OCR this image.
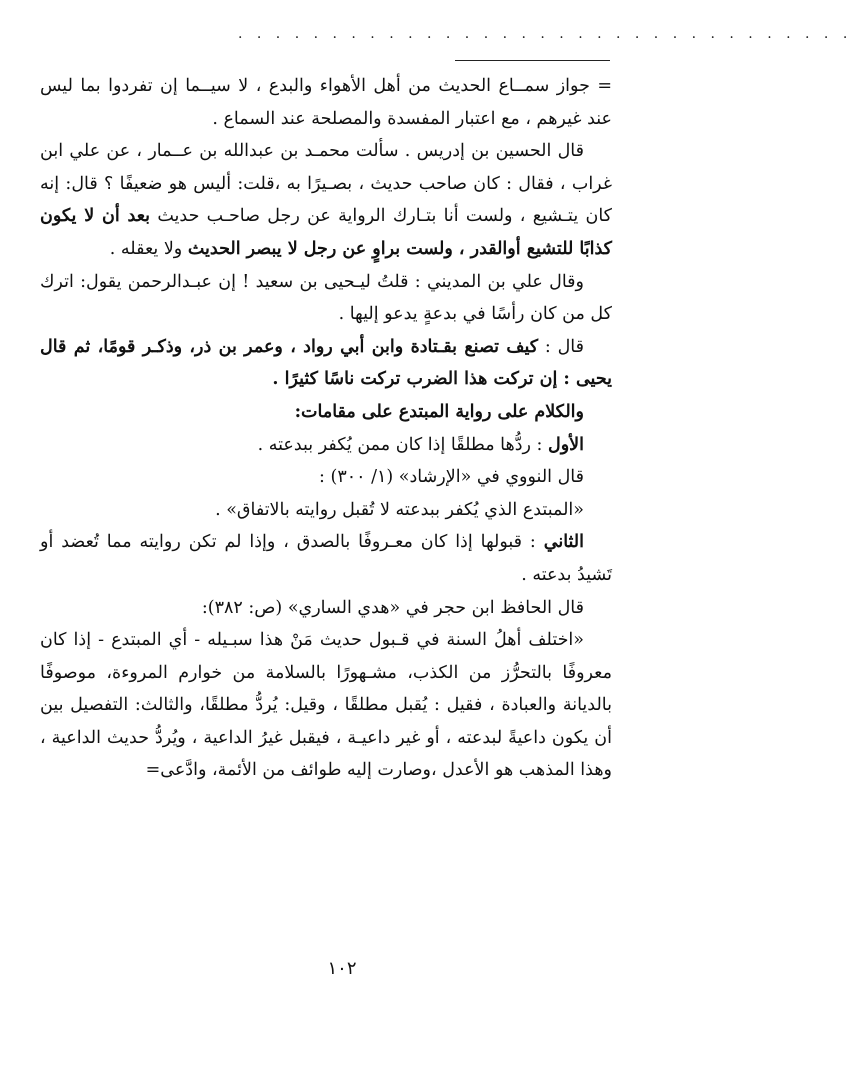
. . . . . . . . . . . . . . . . . . . . . . . . . . . . . . . . .

= جواز سمــاع الحديث من أهل الأهواء والبدع ، لا سيــما إن تفردوا بما ليس عند غيرهم ، مع اعتبار المفسدة والمصلحة عند السماع .

قال الحسين بن إدريس . سألت محمـد بن عبدالله بن عــمار ، عن علي ابن غراب ، فقال : كان صاحب حديث ، بصـيرًا به ،قلت: أليس هو ضعيفًا ؟ قال: إنه كان يتـشيع ، ولست أنا بتـارك الرواية عن رجل صاحـب حديث بعد أن لا يكون كذابًا للتشيع أوالقدر ، ولست براوٍ عن رجل لا يبصر الحديث ولا يعقله .

وقال علي بن المديني : قلتُ ليـحيى بن سعيد ! إن عبـدالرحمن يقول: اترك كل من كان رأسًا في بدعةٍ يدعو إليها .

قال : كيف تصنع بقـتادة وابن أبي رواد ، وعمر بن ذر، وذكـر قومًا، ثم قال يحيى : إن تركت هذا الضرب تركت ناسًا كثيرًا .

والكلام على رواية المبتدع على مقامات:

الأول : ردُّها مطلقًا إذا كان ممن يُكفر ببدعته .

قال النووي في «الإرشاد» (١/ ٣٠٠) :

«المبتدع الذي يُكفر ببدعته لا تُقبل روايته بالاتفاق» .

الثاني : قبولها إذا كان معـروفًا بالصدق ، وإذا لم تكن روايته مما تُعضد أو تَشيدُ بدعته .

قال الحافظ ابن حجر في «هدي الساري» (ص: ٣٨٢):

«اختلف أهلُ السنة في قـبول حديث مَنْ هذا سبـيله - أي المبتدع - إذا كان معروفًا بالتحرُّز من الكذب، مشـهورًا بالسلامة من خوارم المروءة، موصوفًا بالديانة والعبادة ، فقيل : يُقبل مطلقًا ، وقيل: يُردُّ مطلقًا، والثالث: التفصيل بين أن يكون داعيةً لبدعته ، أو غير داعيـة ، فيقبل غيرُ الداعية ، ويُردُّ حديث الداعية ، وهذا المذهب هو الأعدل ،وصارت إليه طوائف من الأئمة، وادَّعى=

١٠٢
